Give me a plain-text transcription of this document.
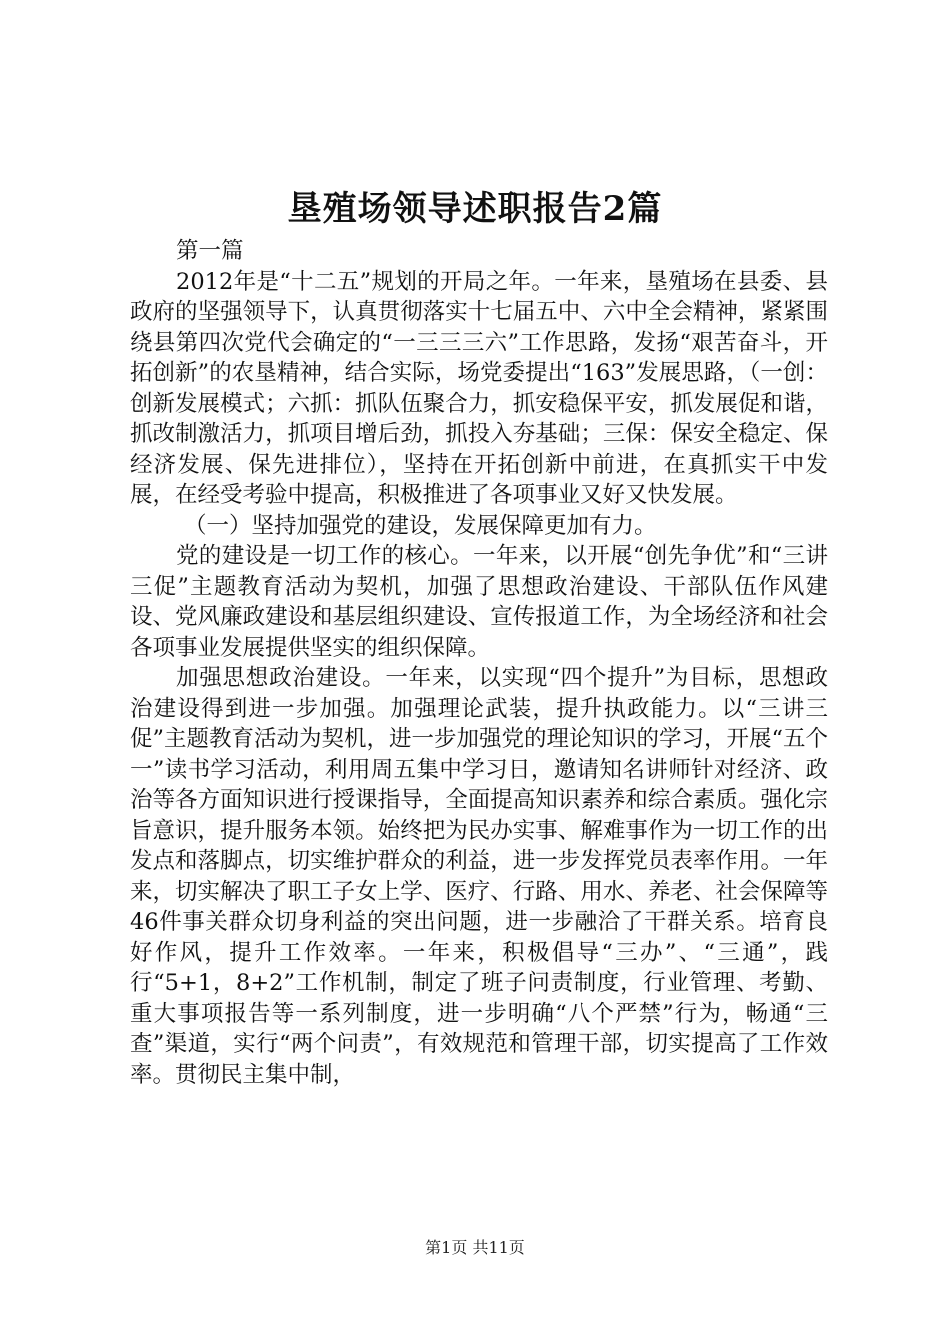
垦殖场领导述职报告2篇

第一篇

2012年是“十二五”规划的开局之年。一年来，垦殖场在县委、县政府的坚强领导下，认真贯彻落实十七届五中、六中全会精神，紧紧围绕县第四次党代会确定的“一三三三六”工作思路，发扬“艰苦奋斗，开拓创新”的农垦精神，结合实际，场党委提出“163”发展思路，（一创：创新发展模式；六抓：抓队伍聚合力，抓安稳保平安，抓发展促和谐，抓改制激活力，抓项目增后劲，抓投入夯基础；三保：保安全稳定、保经济发展、保先进排位），坚持在开拓创新中前进，在真抓实干中发展，在经受考验中提高，积极推进了各项事业又好又快发展。

（一）坚持加强党的建设，发展保障更加有力。

党的建设是一切工作的核心。一年来，以开展“创先争优”和“三讲三促”主题教育活动为契机，加强了思想政治建设、干部队伍作风建设、党风廉政建设和基层组织建设、宣传报道工作，为全场经济和社会各项事业发展提供坚实的组织保障。

加强思想政治建设。一年来，以实现“四个提升”为目标，思想政治建设得到进一步加强。加强理论武装，提升执政能力。以“三讲三促”主题教育活动为契机，进一步加强党的理论知识的学习，开展“五个一”读书学习活动，利用周五集中学习日，邀请知名讲师针对经济、政治等各方面知识进行授课指导，全面提高知识素养和综合素质。强化宗旨意识，提升服务本领。始终把为民办实事、解难事作为一切工作的出发点和落脚点，切实维护群众的利益，进一步发挥党员表率作用。一年来，切实解决了职工子女上学、医疗、行路、用水、养老、社会保障等46件事关群众切身利益的突出问题，进一步融洽了干群关系。培育良好作风，提升工作效率。一年来，积极倡导“三办”、“三通”，践行“5+1，8+2”工作机制，制定了班子问责制度，行业管理、考勤、重大事项报告等一系列制度，进一步明确“八个严禁”行为，畅通“三查”渠道，实行“两个问责”，有效规范和管理干部，切实提高了工作效率。贯彻民主集中制，

第1页 共11页
